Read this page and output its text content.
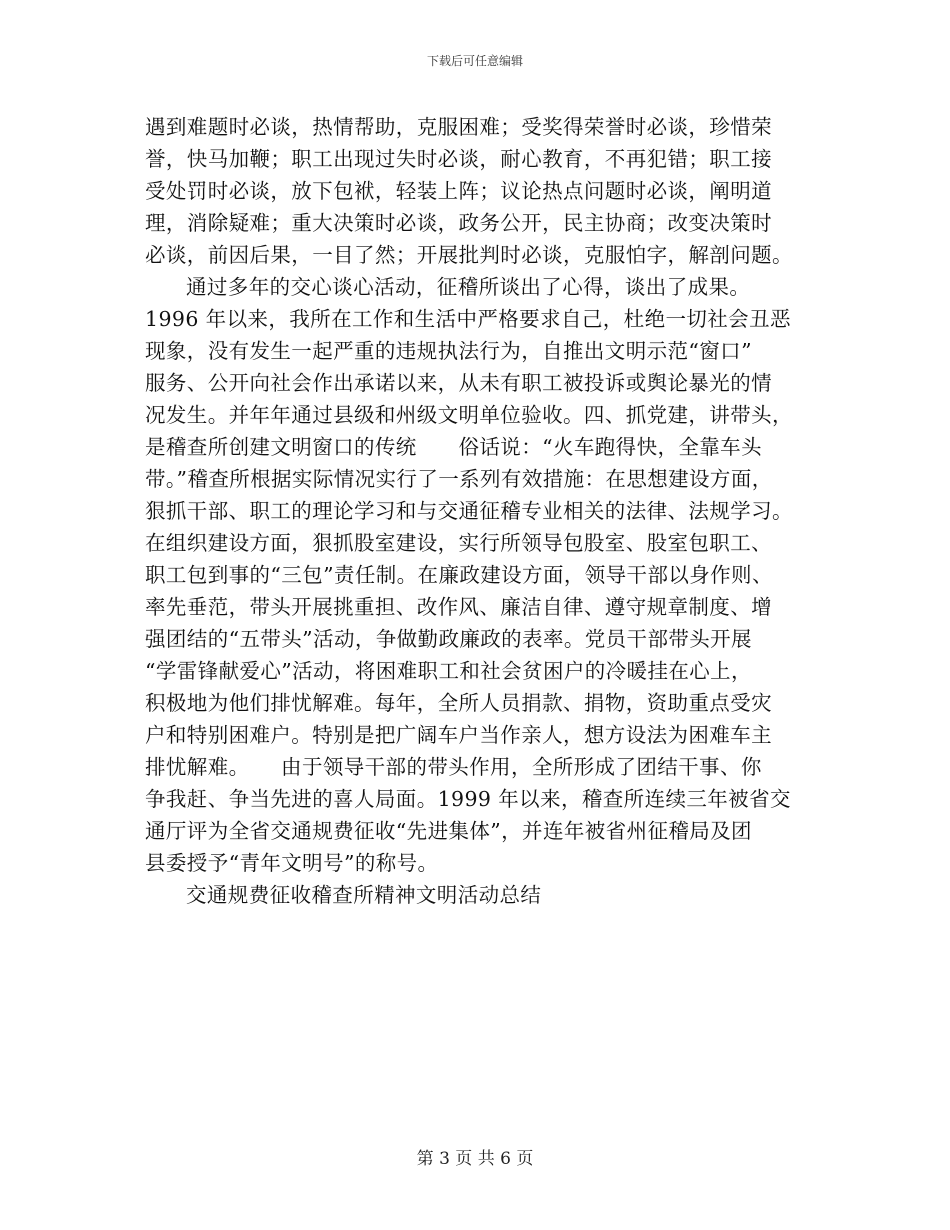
下载后可任意编辑
遇到难题时必谈，热情帮助，克服困难；受奖得荣誉时必谈，珍惜荣
誉，快马加鞭；职工出现过失时必谈，耐心教育，不再犯错；职工接
受处罚时必谈，放下包袱，轻装上阵；议论热点问题时必谈，阐明道
理，消除疑难；重大决策时必谈，政务公开，民主协商；改变决策时
必谈，前因后果，一目了然；开展批判时必谈，克服怕字，解剖问题。
通过多年的交心谈心活动，征稽所谈出了心得，谈出了成果。
1996 年以来，我所在工作和生活中严格要求自己，杜绝一切社会丑恶
现象，没有发生一起严重的违规执法行为，自推出文明示范“窗口”
服务、公开向社会作出承诺以来，从未有职工被投诉或舆论暴光的情
况发生。并年年通过县级和州级文明单位验收。四、抓党建，讲带头，
是稽查所创建文明窗口的传统　　俗话说：“火车跑得快，全靠车头
带。”稽查所根据实际情况实行了一系列有效措施：在思想建设方面，
狠抓干部、职工的理论学习和与交通征稽专业相关的法律、法规学习。
在组织建设方面，狠抓股室建设，实行所领导包股室、股室包职工、
职工包到事的“三包”责任制。在廉政建设方面，领导干部以身作则、
率先垂范，带头开展挑重担、改作风、廉洁自律、遵守规章制度、增
强团结的“五带头”活动，争做勤政廉政的表率。党员干部带头开展
“学雷锋献爱心”活动，将困难职工和社会贫困户的冷暖挂在心上，
积极地为他们排忧解难。每年，全所人员捐款、捐物，资助重点受灾
户和特别困难户。特别是把广阔车户当作亲人，想方设法为困难车主
排忧解难。　　由于领导干部的带头作用，全所形成了团结干事、你
争我赶、争当先进的喜人局面。1999 年以来，稽查所连续三年被省交
通厅评为全省交通规费征收“先进集体”，并连年被省州征稽局及团
县委授予“青年文明号”的称号。
交通规费征收稽查所精神文明活动总结
第 3 页 共 6 页
